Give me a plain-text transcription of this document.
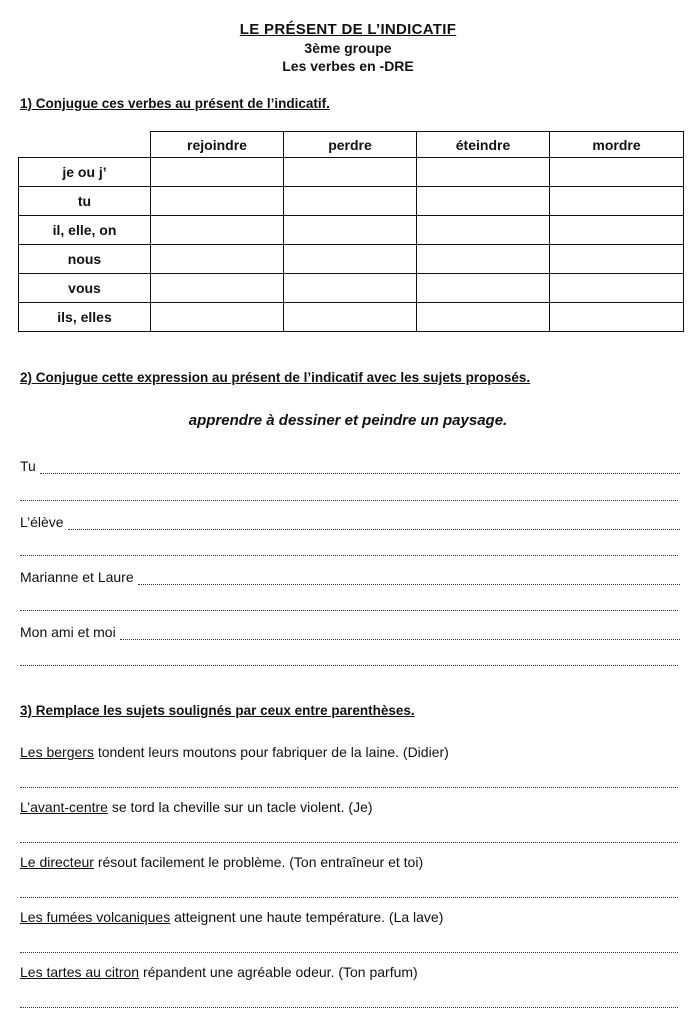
LE PRÉSENT DE L’INDICATIF
3ème groupe
Les verbes en -DRE
1) Conjugue ces verbes au présent de l’indicatif.
	rejoindre	perdre	éteindre	mordre
je ou j’				
tu				
il, elle, on				
nous				
vous				
ils, elles				
2) Conjugue cette expression au présent de l’indicatif avec les sujets proposés.
apprendre à dessiner et peindre un paysage.
Tu
L’élève
Marianne et Laure
Mon ami et moi
3) Remplace les sujets soulignés par ceux entre parenthèses.
Les bergers tondent leurs moutons pour fabriquer de la laine. (Didier)
L’avant-centre se tord la cheville sur un tacle violent. (Je)
Le directeur résout facilement le problème. (Ton entraîneur et toi)
Les fumées volcaniques atteignent une haute température. (La lave)
Les tartes au citron répandent une agréable odeur. (Ton parfum)
